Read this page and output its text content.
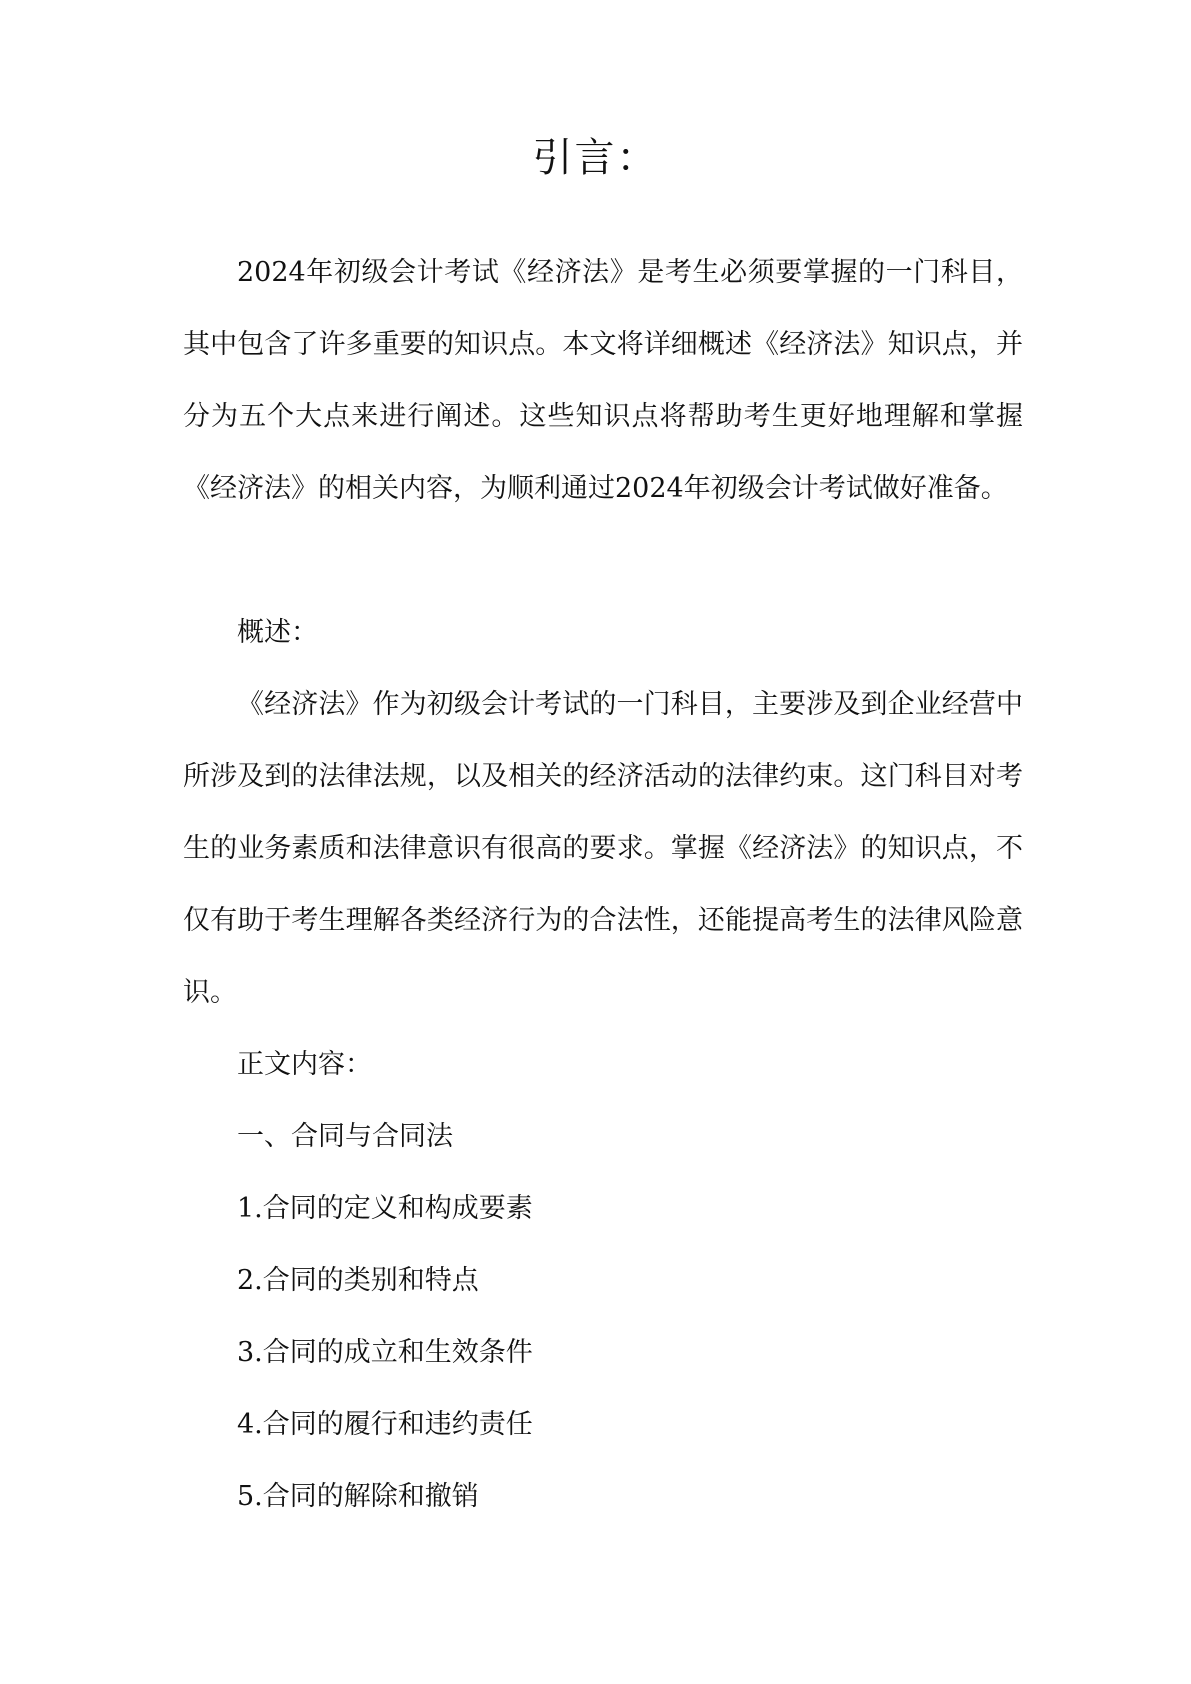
引言：

2024年初级会计考试《经济法》是考生必须要掌握的一门科目，其中包含了许多重要的知识点。本文将详细概述《经济法》知识点，并分为五个大点来进行阐述。这些知识点将帮助考生更好地理解和掌握《经济法》的相关内容，为顺利通过2024年初级会计考试做好准备。

概述：

《经济法》作为初级会计考试的一门科目，主要涉及到企业经营中所涉及到的法律法规，以及相关的经济活动的法律约束。这门科目对考生的业务素质和法律意识有很高的要求。掌握《经济法》的知识点，不仅有助于考生理解各类经济行为的合法性，还能提高考生的法律风险意识。

正文内容：

一、合同与合同法
1.合同的定义和构成要素
2.合同的类别和特点
3.合同的成立和生效条件
4.合同的履行和违约责任
5.合同的解除和撤销
